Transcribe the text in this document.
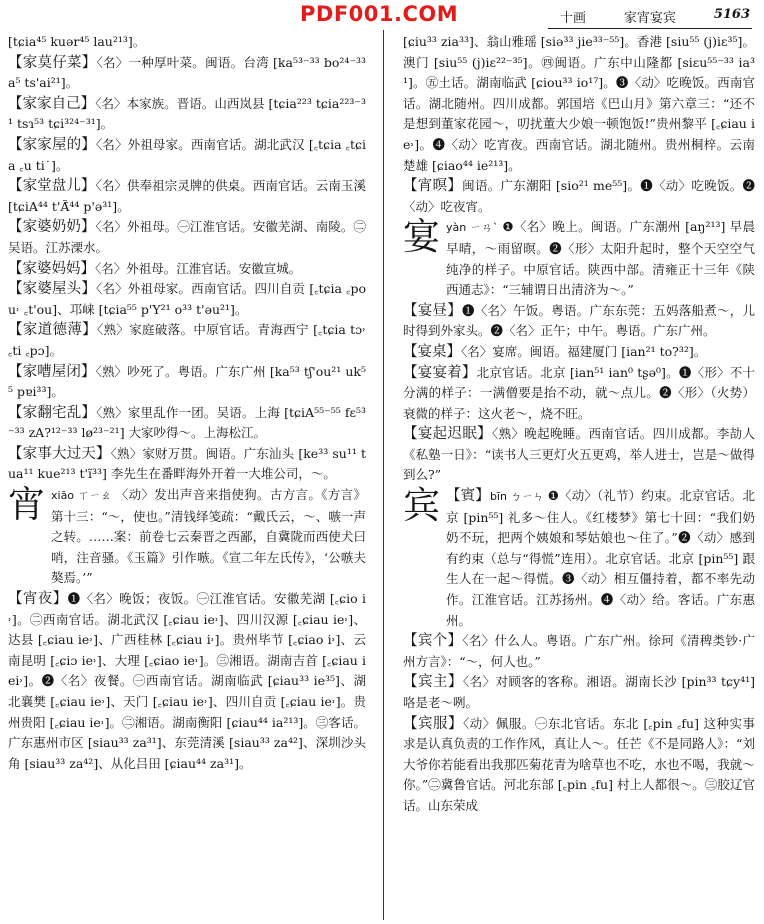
PDF001.COM	十画	家宵宴宾	5163

[tɕia⁴⁵ kuər⁴⁵ lau²¹³]。

【家莫仔菜】〈名〉一种厚叶菜。闽语。台湾 [ka⁵³⁻³³ bo²⁴⁻³³ a⁵ ts'ai²¹]。

【家家自己】〈名〉本家族。晋语。山西岚县 [tɕia²²³ tɕia²²³⁻³¹ tsɿ⁵³ tɕi³²⁴⁻³¹]。

【家家屋的】〈名〉外祖母家。西南官话。湖北武汉 [꜀tɕia ꜀tɕia ꜀u ti˙]。

【家堂盘儿】〈名〉供奉祖宗灵牌的供桌。西南官话。云南玉溪 [tɕiA⁴⁴ t'Ã̃⁴⁴ p'ə³¹]。

【家婆奶奶】〈名〉外祖母。㊀江淮官话。安徽芜湖、南陵。㊁吴语。江苏溧水。

【家婆妈妈】〈名〉外祖母。江淮官话。安徽宣城。

【家婆屋头】〈名〉外祖母家。西南官话。四川自贡 [꜀tɕia ꜀po u˒ ꜀t'ou]、邛崃 [tɕia⁵⁵ p'Y²¹ o³³ t'əu²¹]。

【家道德薄】〈熟〉家庭破落。中原官话。青海西宁 [꜀tɕia tɔ˒ ꜀ti ꜀pɔ]。

【家嘈屋闭】〈熟〉吵死了。粤语。广东广州 [ka⁵³ tʃ'ou²¹ uk⁵⁵ pɐi³³]。

【家翻宅乱】〈熟〉家里乱作一团。吴语。上海 [tɕiA⁵⁵⁻⁵⁵ fɛ⁵³⁻³³ zA?¹²⁻³³ lø²³⁻²¹] 大家吵得～。上海松江。

【家事大过天】〈熟〉家财万贯。闽语。广东汕头 [ke³³ su¹¹ tua¹¹ kue²¹³ t'ĩ³³] 李先生在番畔海外开着一大堆公司，～。

宵 xiāo ㄒㄧㄠ 〈动〉发出声音来指使狗。古方言。《方言》第十三：“～，使也。”清钱绎笺疏：“戴氏云，～、嗾一声之转。……案：前卷七云秦晋之西鄙，自冀陇而西使犬曰哨，注音骚。《玉篇》引作嗾。《宣二年左氏传》，‘公嗾夫獒焉。’”

【宵夜】❶〈名〉晚饭；夜饭。㊀江淮官话。安徽芜湖 [꜀ɕio i˒]。㊁西南官话。湖北武汉 [꜀ɕiau ie˒]、四川汉源 [꜀ɕiau ie˒]、达县 [꜀ɕiau ie˒]、广西桂林 [꜀ɕiau i˒]。贵州毕节 [꜀ɕiao i˒]、云南昆明 [꜀ɕiɔ ie˒]、大理 [꜀ɕiao ie˒]。㊂湘语。湖南吉首 [꜀ɕiau iei˒]。❷〈名〉夜餐。㊀西南官话。湖南临武 [ɕiau³³ ie³⁵]、湖北襄樊 [꜀ɕiau ie˒]、天门 [꜀ɕiau ie˒]、四川自贡 [꜀ɕiau ie˒]。贵州贵阳 [꜀ɕiau ie˒]。㊁湘语。湖南衡阳 [ɕiau⁴⁴ ia²¹³]。㊂客话。广东惠州市区 [siau³³ za³¹]、东莞清溪 [siau³³ za⁴²]、深圳沙头角 [siau³³ za⁴²]、从化吕田 [ɕiau⁴⁴ za³¹]。

[ɕiu³³ zia³³]、翁山雅瑶 [siə³³ jie³³⁻⁵⁵]。香港 [siu⁵⁵ (j)iɛ³⁵]。澳门 [siu⁵⁵ (j)iɛ²²⁻³⁵]。㊃闽语。广东中山隆都 [siɛu⁵⁵⁻³³ ia³¹]。㊄土话。湖南临武 [ɕiou³³ io¹⁷]。❸〈动〉吃晚饭。西南官话。湖北随州。四川成都。郭国培《巴山月》第六章三：“还不是想到董家花园～，叨扰董大少娘一顿饱饭!”贵州黎平 [꜀ɕiau ie˒]。❹〈动〉吃宵夜。西南官话。湖北随州。贵州桐梓。云南楚雄 [ɕiao⁴⁴ ie²¹³]。

【宵暝】闽语。广东潮阳 [sio²¹ me⁵⁵]。❶〈动〉吃晚饭。❷〈动〉吃夜宵。

宴 yàn ㄧㄢˋ ❶〈名〉晚上。闽语。广东潮州 [aŋ²¹³] 早晨早晴，～雨留暝。❷〈形〉太阳升起时，整个天空空气纯净的样子。中原官话。陕西中部。清雍正十三年《陕西通志》：“三辅谓日出清济为～。”

【宴昼】❶〈名〉午饭。粤语。广东东莞：五妈落船煮～，儿时得到外家头。❷〈名〉正午；中午。粤语。广东广州。

【宴桌】〈名〉宴席。闽语。福建厦门 [ian²¹ to?³²]。

【宴宴着】北京官话。北京 [ian⁵¹ ian⁰ tʂə⁰]。❶〈形〉不十分满的样子：一满僧要是抬不动，就～点儿。❷〈形〉（火势）衰微的样子：这火老～，烧不旺。

【宴起迟眠】〈熟〉晚起晚睡。西南官话。四川成都。李劼人《私塾一日》：“读书人三更灯火五更鸡，举人进士，岂是～做得到么?”

宾 【賓】bīn ㄅㄧㄣ ❶〈动〉（礼节）约束。北京官话。北京 [pin⁵⁵] 礼多～住人。《红楼梦》第七十回：“我们奶奶不玩，把两个姨娘和琴姑娘也～住了。”❷〈动〉感到有约束（总与“得慌”连用）。北京官话。北京 [pin⁵⁵] 跟生人在一起～得慌。❸〈动〉相互僵持着，都不率先动作。江淮官话。江苏扬州。❹〈动〉给。客话。广东惠州。

【宾个】〈名〉什么人。粤语。广东广州。徐珂《清稗类钞·广州方言》：“～，何人也。”

【宾主】〈名〉对顾客的客称。湘语。湖南长沙 [pin³³ tɕy⁴¹] 咯是老～咧。

【宾服】〈动〉佩服。㊀东北官话。东北 [꜀pin ꜀fu] 这种实事求是认真负责的工作作风，真让人～。任芒《不是同路人》：“刘大爷你若能看出我那匹菊花青为啥草也不吃，水也不喝，我就～你。”㊁冀鲁官话。河北东部 [꜀pin ꜀fu] 村上人都很～。㊂胶辽官话。山东荣成
